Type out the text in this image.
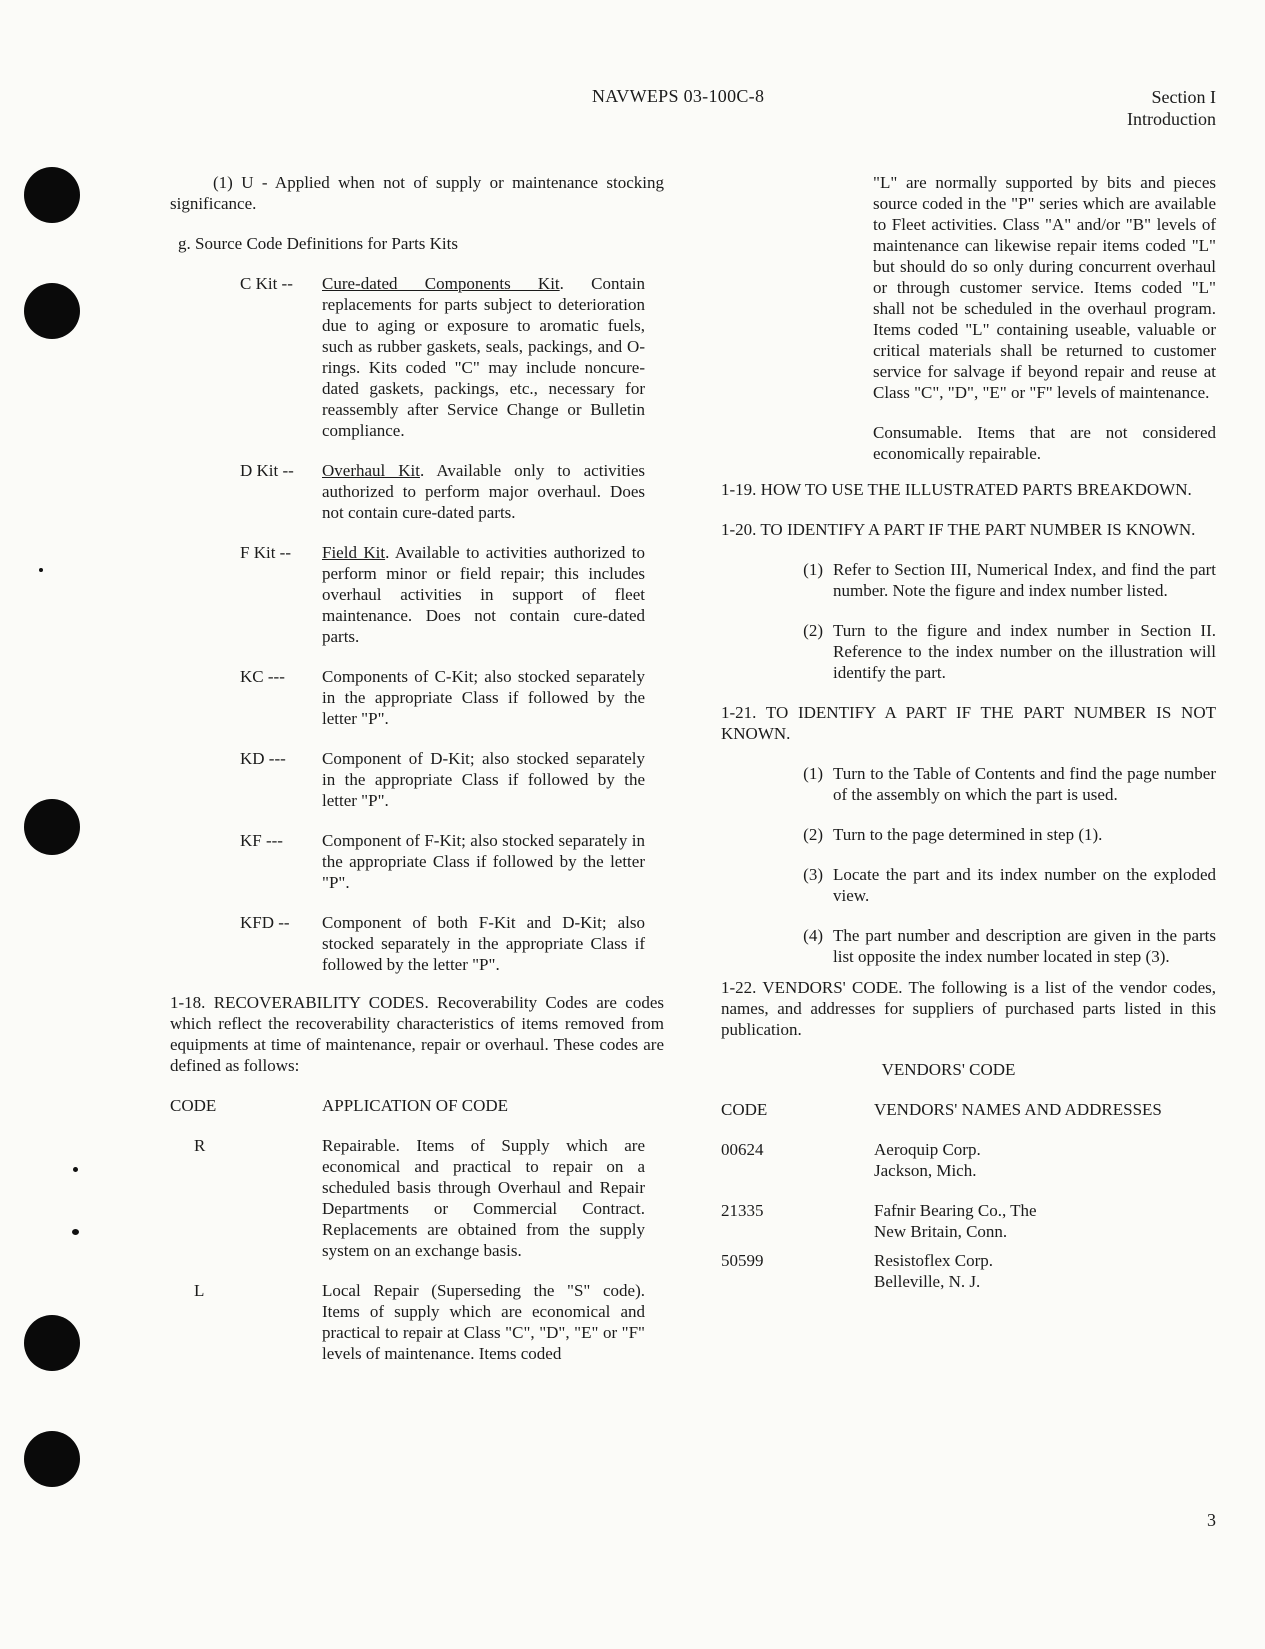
NAVWEPS 03-100C-8	Section I
Introduction

(1) U - Applied when not of supply or maintenance stocking significance.

g. Source Code Definitions for Parts Kits

C Kit --	Cure-dated Components Kit. Contain replacements for parts subject to deterioration due to aging or exposure to aromatic fuels, such as rubber gaskets, seals, packings, and O-rings. Kits coded "C" may include noncure-dated gaskets, packings, etc., necessary for reassembly after Service Change or Bulletin compliance.
D Kit --	Overhaul Kit. Available only to activities authorized to perform major overhaul. Does not contain cure-dated parts.
F Kit --	Field Kit. Available to activities authorized to perform minor or field repair; this includes overhaul activities in support of fleet maintenance. Does not contain cure-dated parts.
KC ---	Components of C-Kit; also stocked separately in the appropriate Class if followed by the letter "P".
KD ---	Component of D-Kit; also stocked separately in the appropriate Class if followed by the letter "P".
KF ---	Component of F-Kit; also stocked separately in the appropriate Class if followed by the letter "P".
KFD --	Component of both F-Kit and D-Kit; also stocked separately in the appropriate Class if followed by the letter "P".

1-18. RECOVERABILITY CODES. Recoverability Codes are codes which reflect the recoverability characteristics of items removed from equipments at time of maintenance, repair or overhaul. These codes are defined as follows:

CODE	APPLICATION OF CODE
R	Repairable. Items of Supply which are economical and practical to repair on a scheduled basis through Overhaul and Repair Departments or Commercial Contract. Replacements are obtained from the supply system on an exchange basis.
L	Local Repair (Superseding the "S" code). Items of supply which are economical and practical to repair at Class "C", "D", "E" or "F" levels of maintenance. Items coded

"L" are normally supported by bits and pieces source coded in the "P" series which are available to Fleet activities. Class "A" and/or "B" levels of maintenance can likewise repair items coded "L" but should do so only during concurrent overhaul or through customer service. Items coded "L" shall not be scheduled in the overhaul program. Items coded "L" containing useable, valuable or critical materials shall be returned to customer service for salvage if beyond repair and reuse at Class "C", "D", "E" or "F" levels of maintenance.

Consumable. Items that are not considered economically repairable.

1-19. HOW TO USE THE ILLUSTRATED PARTS BREAKDOWN.

1-20. TO IDENTIFY A PART IF THE PART NUMBER IS KNOWN.

(1) Refer to Section III, Numerical Index, and find the part number. Note the figure and index number listed.
(2) Turn to the figure and index number in Section II. Reference to the index number on the illustration will identify the part.

1-21. TO IDENTIFY A PART IF THE PART NUMBER IS NOT KNOWN.

(1) Turn to the Table of Contents and find the page number of the assembly on which the part is used.
(2) Turn to the page determined in step (1).
(3) Locate the part and its index number on the exploded view.
(4) The part number and description are given in the parts list opposite the index number located in step (3).

1-22. VENDORS' CODE. The following is a list of the vendor codes, names, and addresses for suppliers of purchased parts listed in this publication.

VENDORS' CODE

CODE	VENDORS' NAMES AND ADDRESSES
00624	Aeroquip Corp.
Jackson, Mich.
21335	Fafnir Bearing Co., The
New Britain, Conn.
50599	Resistoflex Corp.
Belleville, N. J.
3
